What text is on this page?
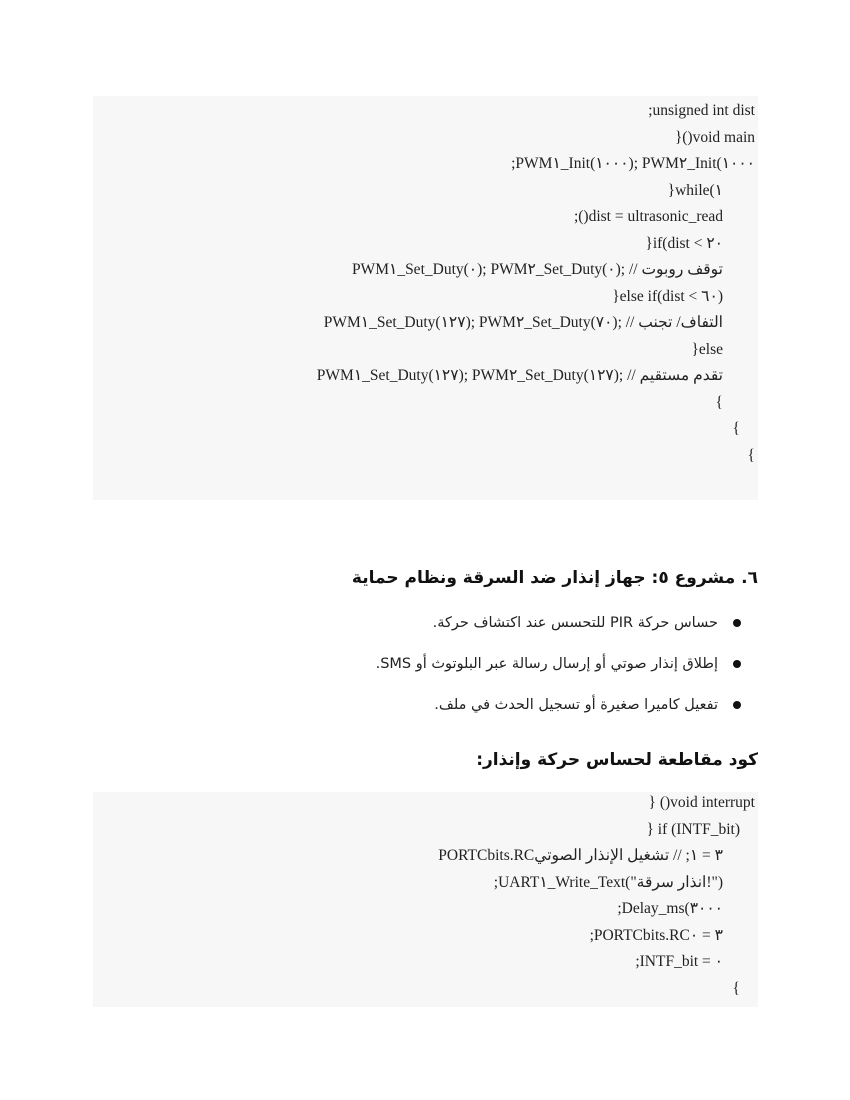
;unsigned int dist
}()void main
;PWM١_Init(١٠٠٠); PWM٢_Init(١٠٠٠
}while(١
;()dist = ultrasonic_read
}if(dist < ٢٠
PWM١_Set_Duty(٠); PWM٢_Set_Duty(٠); // توقف روبوت
}else if(dist < ٦٠)
PWM١_Set_Duty(١٢٧); PWM٢_Set_Duty(٧٠); // التفاف/ تجنب
}else
PWM١_Set_Duty(١٢٧); PWM٢_Set_Duty(١٢٧); // تقدم مستقيم
{
{
{
٦. مشروع ٥: جهاز إنذار ضد السرقة ونظام حماية
حساس حركة PIR للتحسس عند اكتشاف حركة.
إطلاق إنذار صوتي أو إرسال رسالة عبر البلوتوث أو SMS.
تفعيل كاميرا صغيرة أو تسجيل الحدث في ملف.
كود مقاطعة لحساس حركة وإنذار:
} ()void interrupt
} if (INTF_bit)
PORTCbits.RC٣ = ١; // تشغيل الإنذار الصوتي
;UART١_Write_Text("انذار سرقة!")
;Delay_ms(٣٠٠٠
;PORTCbits.RC٣ = ٠
;INTF_bit = ٠
{
